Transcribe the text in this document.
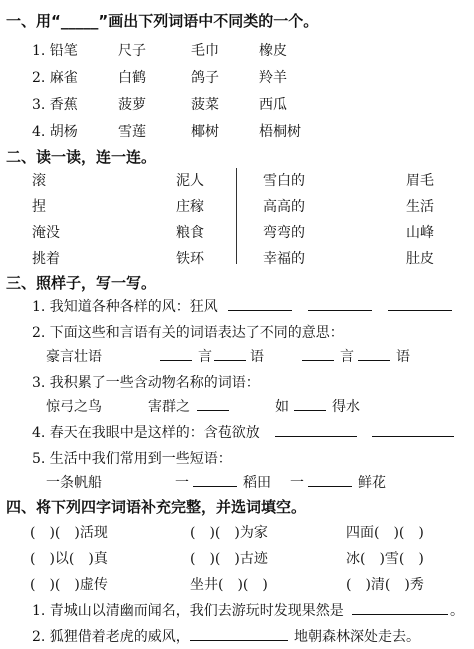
一、用“_____”画出下列词语中不同类的一个。
1. 铅笔	尺子	毛巾	橡皮
2. 麻雀	白鹤	鸽子	羚羊
3. 香蕉	菠萝	菠菜	西瓜
4. 胡杨	雪莲	椰树	梧桐树
二、读一读，连一连。
滚	泥人
捏	庄稼
淹没	粮食
挑着	铁环
雪白的	眉毛
高高的	生活
弯弯的	山峰
幸福的	肚皮
三、照样子，写一写。
1. 我知道各种各样的风：狂风
2. 下面这些和言语有关的词语表达了不同的意思：
豪言壮语	言	语	言	语
3. 我积累了一些含动物名称的词语：
惊弓之鸟	害群之	如	得水
4. 春天在我眼中是这样的：含苞欲放
5. 生活中我们常用到一些短语：
一条帆船	一	稻田 一	鲜花
四、将下列四字词语补充完整，并选词填空。
(　)(　)活现	(　)(　)为家	四面(　)(　)
(　)以(　)真	(　)(　)古迹	冰(　)雪(　)
(　)(　)虚传	坐井(　)(　)	(　)清(　)秀
1. 青城山以清幽而闻名，我们去游玩时发现果然是	。
2. 狐狸借着老虎的威风，	地朝森林深处走去。
